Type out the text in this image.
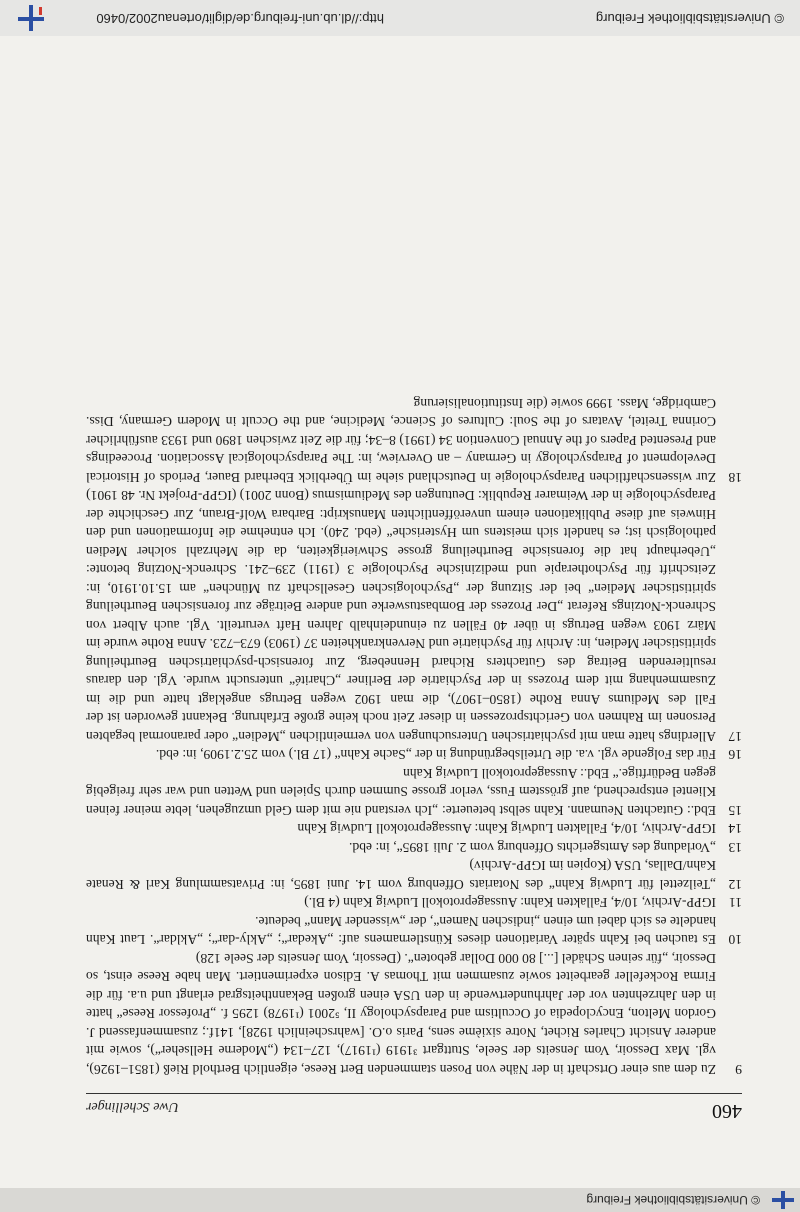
© Universitätsbibliothek Freiburg
460
Uwe Schellinger

9
Zu dem aus einer Ortschaft in der Nähe von Posen stammenden Bert Reese, eigentlich Berthold Rieß (1851–1926), vgl. Max Dessoir, Vom Jenseits der Seele, Stuttgart ³1919 (¹1917), 127–134 („Moderne Hellseher“), sowie mit anderer Ansicht Charles Richet, Notre sixième sens, Paris o.O. [wahrscheinlich 1928], 141f.; zusammenfassend J. Gordon Melton, Encyclopedia of Occultism and Parapsychology II, ⁵2001 (¹1978) 1295 f. „Professor Reese“ hatte in den Jahrzehnten vor der Jahrhundertwende in den USA einen großen Bekanntheitsgrad erlangt und u.a. für die Firma Rockefeller gearbeitet sowie zusammen mit Thomas A. Edison experimentiert. Man habe Reese einst, so Dessoir, „für seinen Schädel [...] 80 000 Dollar geboten“. (Dessoir, Vom Jenseits der Seele 128)

10
Es tauchen bei Kahn später Variationen dieses Künstlernamens auf: „Akedar“; „Akly-dar“; „Akldar“. Laut Kahn handelte es sich dabei um einen „indischen Namen“, der „wissender Mann“ bedeute.

11
IGPP-Archiv, 10/4, Fallakten Kahn: Aussageprotokoll Ludwig Kahn (4 Bl.)

12
„Teilzettel für Ludwig Kahn“ des Notariats Offenburg vom 14. Juni 1895, in: Privatsammlung Karl & Renate Kahn/Dallas, USA (Kopien im IGPP-Archiv)

13
„Vorladung des Amtsgerichts Offenburg vom 2. Juli 1895“, in: ebd.

14
IGPP-Archiv, 10/4, Fallakten Ludwig Kahn: Aussageprotokoll Ludwig Kahn

15
Ebd.: Gutachten Neumann. Kahn selbst beteuerte: „Ich verstand nie mit dem Geld umzugehen, lebte meiner feinen Klientel entsprechend, auf grösstem Fuss, verlor grosse Summen durch Spielen und Wetten und war sehr freigebig gegen Bedürftige.“ Ebd.: Aussageprotokoll Ludwig Kahn

16
Für das Folgende vgl. v.a. die Urteilsbegründung in der „Sache Kahn“ (17 Bl.) vom 25.2.1909, in: ebd.

17
Allerdings hatte man mit psychiatrischen Untersuchungen von vermeintlichen „Medien“ oder paranormal begabten Personen im Rahmen von Gerichtsprozessen in dieser Zeit noch keine große Erfahrung. Bekannt geworden ist der Fall des Mediums Anna Rothe (1850–1907), die man 1902 wegen Betrugs angeklagt hatte und die im Zusammenhang mit dem Prozess in der Psychiatrie der Berliner „Charité“ untersucht wurde. Vgl. den daraus resultierenden Beitrag des Gutachters Richard Henneberg, Zur forensisch-psychiatrischen Beurtheilung spiritistischer Medien, in: Archiv für Psychiatrie und Nervenkrankheiten 37 (1903) 673–723. Anna Rothe wurde im März 1903 wegen Betrugs in über 40 Fällen zu einundeinhalb Jahren Haft verurteilt. Vgl. auch Albert von Schrenck-Notzings Referat „Der Prozess der Bombastuswerke und andere Beiträge zur forensischen Beurtheilung spiritistischer Medien“ bei der Sitzung der „Psychologischen Gesellschaft zu München“ am 15.10.1910, in: Zeitschrift für Psychotherapie und medizinische Psychologie 3 (1911) 239–241. Schrenck-Notzing betonte: „Ueberhaupt hat die forensische Beurtheilung grosse Schwierigkeiten, da die Mehrzahl solcher Medien pathologisch ist; es handelt sich meistens um Hysterische“ (ebd. 240). Ich entnehme die Informationen und den Hinweis auf diese Publikationen einem unveröffentlichten Manuskript: Barbara Wolf-Braun, Zur Geschichte der Parapsychologie in der Weimarer Republik: Deutungen des Mediumismus (Bonn 2001) (IGPP-Projekt Nr. 48 1901)

18
Zur wissenschaftlichen Parapsychologie in Deutschland siehe im Überblick Eberhard Bauer, Periods of Historical Development of Parapsychology in Germany – an Overview, in: The Parapsychological Association. Proceedings and Presented Papers of the Annual Convention 34 (1991) 8–34; für die Zeit zwischen 1890 und 1933 ausführlicher Corinna Treitel, Avatars of the Soul: Cultures of Science, Medicine, and the Occult in Modern Germany, Diss. Cambridge, Mass. 1999 sowie (die Institutionalisierung

© Universitätsbibliothek Freiburg
http://dl.ub.uni-freiburg.de/diglit/ortenau2002/0460
